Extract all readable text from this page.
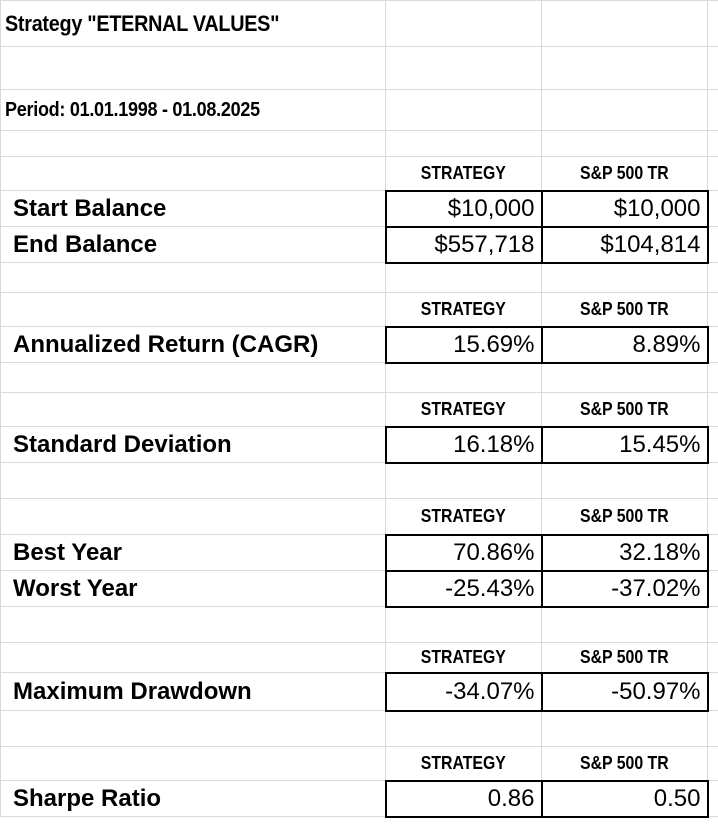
Strategy "ETERNAL VALUES"			

Period: 01.01.1998 - 01.08.2025			

	STRATEGY	S&P 500 TR	
Start Balance	$10,000	$10,000	
End Balance	$557,718	$104,814	

	STRATEGY	S&P 500 TR	
Annualized Return (CAGR)	15.69%	8.89%	

	STRATEGY	S&P 500 TR	
Standard Deviation	16.18%	15.45%	

	STRATEGY	S&P 500 TR	
Best Year	70.86%	32.18%	
Worst Year	-25.43%	-37.02%	

	STRATEGY	S&P 500 TR	
Maximum Drawdown	-34.07%	-50.97%	

	STRATEGY	S&P 500 TR	
Sharpe Ratio	0.86	0.50	
